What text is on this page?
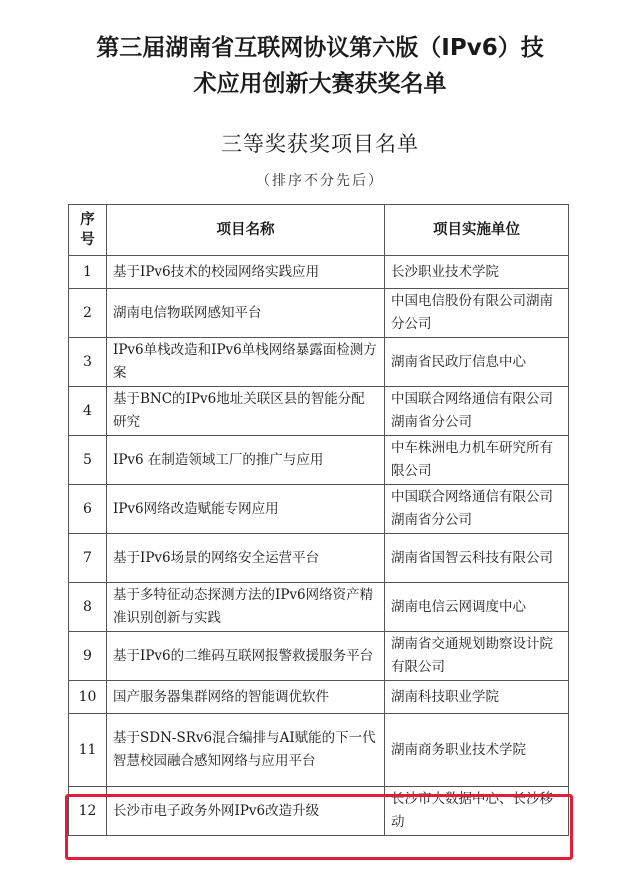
第三届湖南省互联网协议第六版（IPv6）技
术应用创新大赛获奖名单
三等奖获奖项目名单
（排序不分先后）
序号	项目名称	项目实施单位
1	基于IPv6技术的校园网络实践应用	长沙职业技术学院
2	湖南电信物联网感知平台	中国电信股份有限公司湖南分公司
3	IPv6单栈改造和IPv6单栈网络暴露面检测方案	湖南省民政厅信息中心
4	基于BNC的IPv6地址关联区县的智能分配研究	中国联合网络通信有限公司湖南省分公司
5	IPv6 在制造领域工厂的推广与应用	中车株洲电力机车研究所有限公司
6	IPv6网络改造赋能专网应用	中国联合网络通信有限公司湖南省分公司
7	基于IPv6场景的网络安全运营平台	湖南省国智云科技有限公司
8	基于多特征动态探测方法的IPv6网络资产精准识别创新与实践	湖南电信云网调度中心
9	基于IPv6的二维码互联网报警救援服务平台	湖南省交通规划勘察设计院有限公司
10	国产服务器集群网络的智能调优软件	湖南科技职业学院
11	基于SDN-SRv6混合编排与AI赋能的下一代智慧校园融合感知网络与应用平台	湖南商务职业技术学院
12	长沙市电子政务外网IPv6改造升级	长沙市大数据中心、长沙移动
